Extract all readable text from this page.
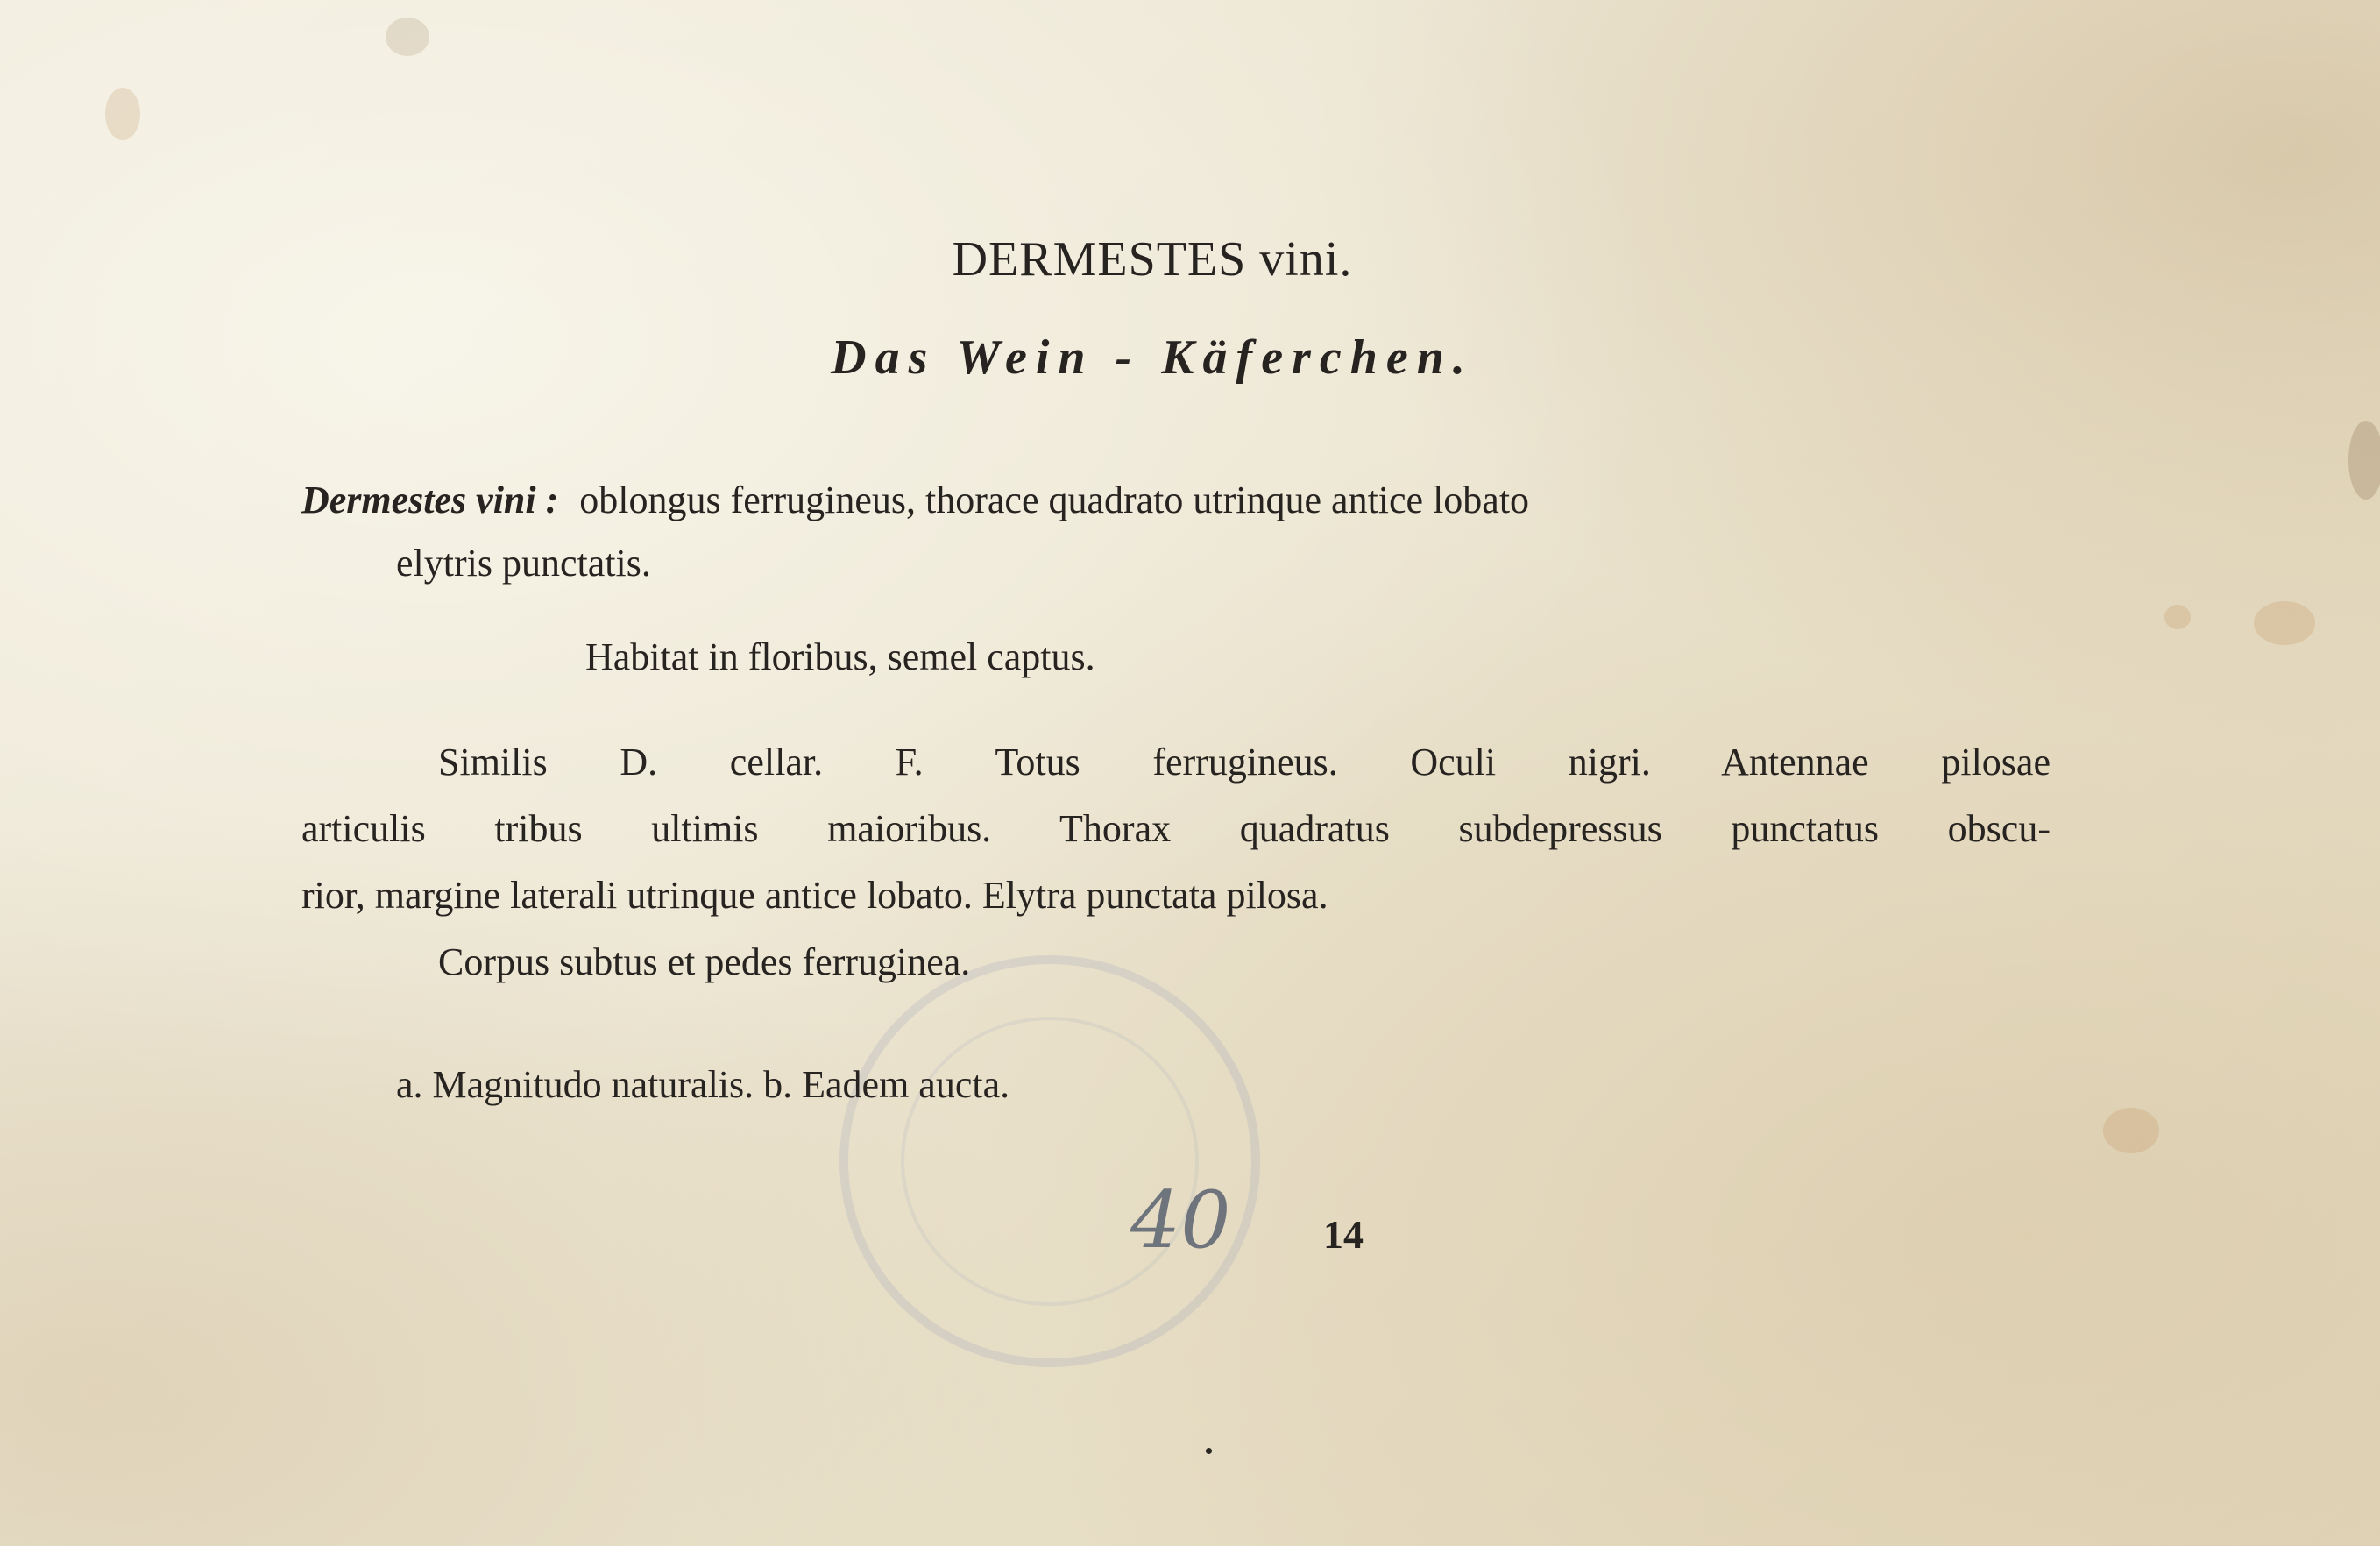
DERMESTES vini.
Das Wein - Käferchen.
Dermestes vini : oblongus ferrugineus, thorace quadrato utrinque antice lobato
elytris punctatis.
Habitat in floribus, semel captus.
Similis D. cellar. F. Totus ferrugineus. Oculi nigri. Antennae pilosae
articulis tribus ultimis maioribus. Thorax quadratus subdepressus punctatus obscu-
rior, margine laterali utrinque antice lobato. Elytra punctata pilosa.
Corpus subtus et pedes ferruginea.
a. Magnitudo naturalis. b. Eadem aucta.
40 14
